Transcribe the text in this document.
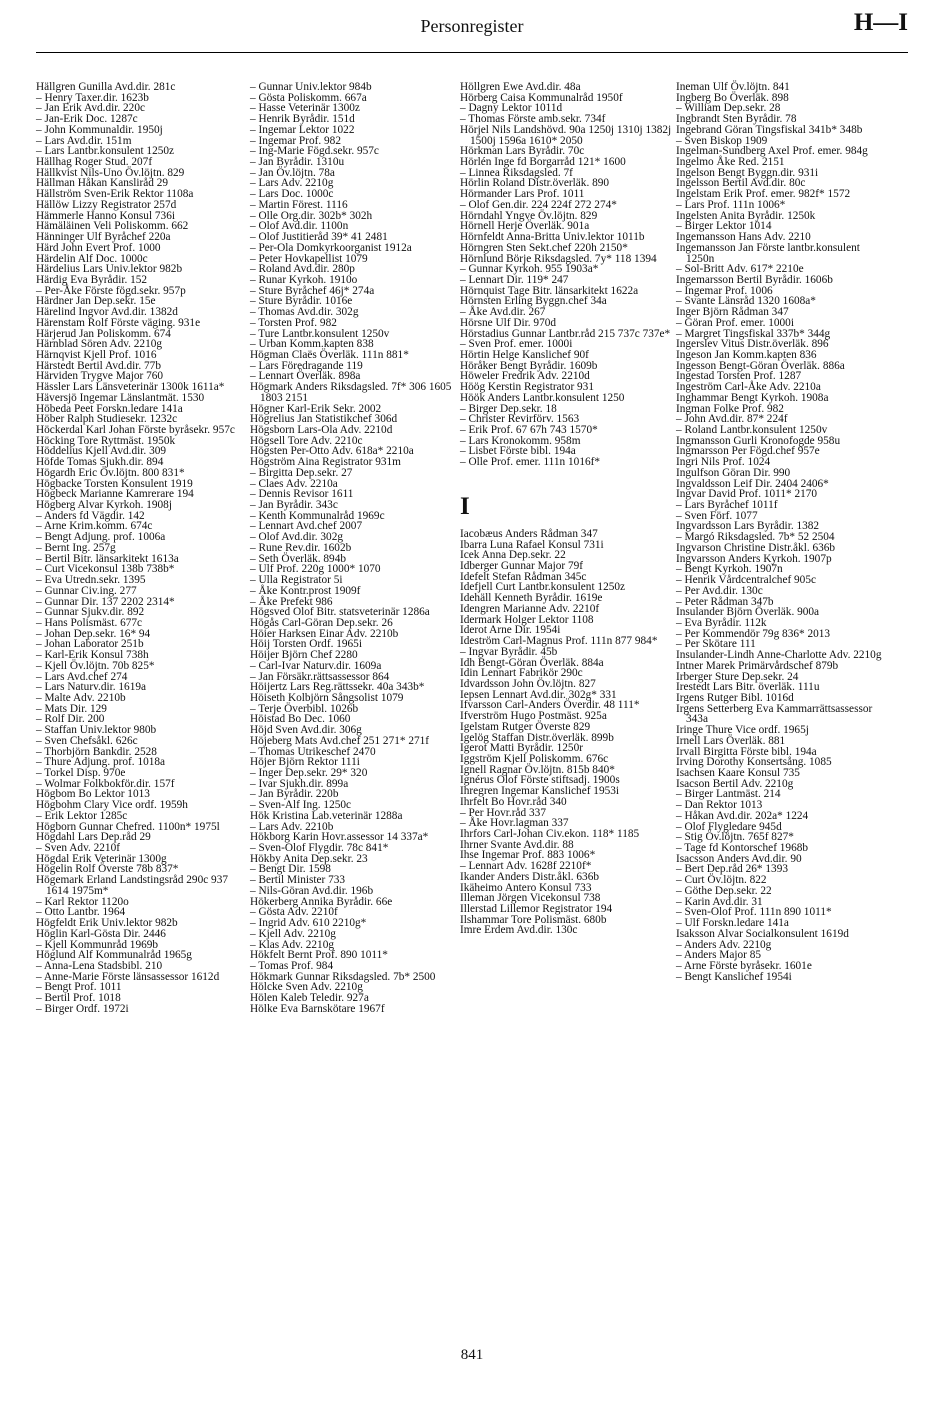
Personregister	H—I
Hällgren Gunilla Avd.dir. 281c
– Henry Taxer.dir. 1623b
– Jan Erik Avd.dir. 220c
– Jan-Erik Doc. 1287c
– John Kommunaldir. 1950j
– Lars Avd.dir. 151m
– Lars Lantbr.konsulent 1250z
Hällhag Roger Stud. 207f
Hällkvist Nils-Uno Öv.löjtn. 829
Hällman Håkan Kansliråd 29
Hällström Sven-Erik Rektor 1108a
Hällöw Lizzy Registrator 257d
Hämmerle Hanno Konsul 736i
Hämäläinen Veli Poliskomm. 662
Hänninger Ulf Byråchef 220a
Härd John Evert Prof. 1000
Härdelin Alf Doc. 1000c
Härdelius Lars Univ.lektor 982b
Härdig Eva Byrådir. 152
– Per-Åke Förste fögd.sekr. 957p
Härdner Jan Dep.sekr. 15e
Härelind Ingvor Avd.dir. 1382d
Härenstam Rolf Förste väging. 931e
Härjerud Jan Poliskomm. 674
Härnblad Sören Adv. 2210g
Härnqvist Kjell Prof. 1016
Härstedt Bertil Avd.dir. 77b
Härviden Trygve Major 760
Hässler Lars Länsveterinär 1300k 1611a*
Häversjö Ingemar Länslantmät. 1530
Höbeda Peet Forskn.ledare 141a
Höber Ralph Studiesekr. 1232c
Höckerdal Karl Johan Förste byråsekr. 957c
Höcking Tore Ryttmäst. 1950k
Höddelius Kjell Avd.dir. 309
Höfde Tomas Sjukh.dir. 894
Högardh Eric Öv.löjtn. 800 831*
Högbacke Torsten Konsulent 1919
Högbeck Marianne Kamrerare 194
Högberg Alvar Kyrkoh. 1908j
– Anders fd Vägdir. 142
– Arne Krim.komm. 674c
– Bengt Adjung. prof. 1006a
– Bernt Ing. 257g
– Bertil Bitr. länsarkitekt 1613a
– Curt Vicekonsul 138b 738b*
– Eva Utredn.sekr. 1395
– Gunnar Civ.ing. 277
– Gunnar Dir. 137 2202 2314*
– Gunnar Sjukv.dir. 892
– Hans Polismäst. 677c
– Johan Dep.sekr. 16* 94
– Johan Laborator 251b
– Karl-Erik Konsul 738h
– Kjell Öv.löjtn. 70b 825*
– Lars Avd.chef 274
– Lars Naturv.dir. 1619a
– Malte Adv. 2210b
– Mats Dir. 129
– Rolf Dir. 200
– Staffan Univ.lektor 980b
– Sven Chefsåkl. 626c
– Thorbjörn Bankdir. 2528
– Thure Adjung. prof. 1018a
– Torkel Disp. 970e
– Wolmar Folkbokför.dir. 157f
Högbom Bo Lektor 1013
Högbohm Clary Vice ordf. 1959h
– Erik Lektor 1285c
Högborn Gunnar Chefred. 1100n* 1975l
Högdahl Lars Dep.råd 29
– Sven Adv. 2210f
Högdal Erik Veterinär 1300g
Högelin Rolf Överste 78b 837*
Högemark Erland Landstingsråd 290c 937 1614 1975m*
– Karl Rektor 1120o
– Otto Lantbr. 1964
Högfeldt Erik Univ.lektor 982b
Höglin Karl-Gösta Dir. 2446
– Kjell Kommunråd 1969b
Höglund Alf Kommunalråd 1965g
– Anna-Lena Stadsbibl. 210
– Anne-Marie Förste länsassessor 1612d
– Bengt Prof. 1011
– Bertil Prof. 1018
– Birger Ordf. 1972i
– Gunnar Univ.lektor 984b
– Gösta Poliskomm. 667a
– Hasse Veterinär 1300z
– Henrik Byrådir. 151d
– Ingemar Lektor 1022
– Ingemar Prof. 982
– Ing-Marie Fögd.sekr. 957c
– Jan Byrådir. 1310u
– Jan Öv.löjtn. 78a
– Lars Adv. 2210g
– Lars Doc. 1000c
– Martin Förest. 1116
– Olle Org.dir. 302b* 302h
– Olof Avd.dir. 1100n
– Olof Justitieråd 39* 41 2481
– Per-Ola Domkyrkoorganist 1912a
– Peter Hovkapellist 1079
– Roland Avd.dir. 280p
– Runar Kyrkoh. 1910o
– Sture Byråchef 46j* 274a
– Sture Byrådir. 1016e
– Thomas Avd.dir. 302g
– Torsten Prof. 982
– Ture Lantbr.konsulent 1250v
– Urban Komm.kapten 838
Högman Claës Överläk. 111n 881*
– Lars Föredragande 119
– Lennart Överläk. 898a
Högmark Anders Riksdagsled. 7f* 306 1605 1803 2151
Högner Karl-Erik Sekr. 2002
Högrelius Jan Statistikchef 306d
Högsborn Lars-Ola Adv. 2210d
Högsell Tore Adv. 2210c
Högsten Per-Otto Adv. 618a* 2210a
Högström Aina Registrator 931m
– Birgitta Dep.sekr. 27
– Claes Adv. 2210a
– Dennis Revisor 1611
– Jan Byrådir. 343c
– Kenth Kommunalråd 1969c
– Lennart Avd.chef 2007
– Olof Avd.dir. 302g
– Rune Rev.dir. 1602b
– Seth Överläk. 894b
– Ulf Prof. 220g 1000* 1070
– Ulla Registrator 5i
– Åke Kontr.prost 1909f
– Åke Prefekt 986
Högsved Olof Bitr. statsveterinär 1286a
Högås Carl-Göran Dep.sekr. 26
Höier Harksen Einar Adv. 2210b
Höij Torsten Ordf. 1965i
Höijer Björn Chef 2280
– Carl-Ivar Naturv.dir. 1609a
– Jan Försäkr.rättsassessor 864
Höijertz Lars Reg.rättssekr. 40a 343b*
Höiseth Kolbjörn Sångsolist 1079
– Terje Överbibl. 1026b
Höistad Bo Dec. 1060
Höjd Sven Avd.dir. 306g
Höjeberg Mats Avd.chef 251 271* 271f
– Thomas Utrikeschef 2470
Höjer Björn Rektor 111i
– Inger Dep.sekr. 29* 320
– Ivar Sjukh.dir. 899a
– Jan Byrådir. 220b
– Sven-Alf Ing. 1250c
Hök Kristina Lab.veterinär 1288a
– Lars Adv. 2210b
Hökborg Karin Hovr.assessor 14 337a*
– Sven-Olof Flygdir. 78c 841*
Hökby Anita Dep.sekr. 23
– Bengt Dir. 1598
– Bertil Minister 733
– Nils-Göran Avd.dir. 196b
Hökerberg Annika Byrådir. 66e
– Gösta Adv. 2210f
– Ingrid Adv. 610 2210g*
– Kjell Adv. 2210g
– Klas Adv. 2210g
Hökfelt Bernt Prof. 890 1011*
– Tomas Prof. 984
Hökmark Gunnar Riksdagsled. 7b* 2500
Hölcke Sven Adv. 2210g
Hölen Kaleb Teledir. 927a
Hölke Eva Barnskötare 1967f
Höllgren Ewe Avd.dir. 48a
Hörberg Caisa Kommunalråd 1950f
– Dagny Lektor 1011d
– Thomas Förste amb.sekr. 734f
Hörjel Nils Landshövd. 90a 1250j 1310j 1382j 1500j 1596a 1610* 2050
Hörkman Lars Byrådir. 70c
Hörlén Inge fd Borgarråd 121* 1600
– Linnea Riksdagsled. 7f
Hörlin Roland Distr.överläk. 890
Hörmander Lars Prof. 1011
– Olof Gen.dir. 224 224f 272 274*
Hörndahl Yngve Öv.löjtn. 829
Hörnell Herje Överläk. 901a
Hörnfeldt Anna-Britta Univ.lektor 1011b
Hörngren Sten Sekt.chef 220h 2150*
Hörnlund Börje Riksdagsled. 7y* 118 1394
– Gunnar Kyrkoh. 955 1903a*
– Lennart Dir. 119* 247
Hörnquist Tage Bitr. länsarkitekt 1622a
Hörnsten Erling Byggn.chef 34a
– Åke Avd.dir. 267
Hörsne Ulf Dir. 970d
Hörstadius Gunnar Lantbr.råd 215 737c 737e*
– Sven Prof. emer. 1000i
Hörtin Helge Kanslichef 90f
Höråker Bengt Byrådir. 1609b
Höweler Fredrik Adv. 2210d
Höög Kerstin Registrator 931
Höök Anders Lantbr.konsulent 1250
– Birger Dep.sekr. 18
– Christer Revirförv. 1563
– Erik Prof. 67 67h 743 1570*
– Lars Kronokomm. 958m
– Lisbet Förste bibl. 194a
– Olle Prof. emer. 111n 1016f*
I
Iacobæus Anders Rådman 347
Ibarra Luna Rafael Konsul 731i
Icek Anna Dep.sekr. 22
Idberger Gunnar Major 79f
Idefelt Stefan Rådman 345c
Idefjell Curt Lantbr.konsulent 1250z
Idehäll Kenneth Byrådir. 1619e
Idengren Marianne Adv. 2210f
Idermark Holger Lektor 1108
Iderot Arne Dir. 1954i
Ideström Carl-Magnus Prof. 111n 877 984*
– Ingvar Byrådir. 45b
Idh Bengt-Göran Överläk. 884a
Idin Lennart Fabrikör 290c
Idvardsson John Öv.löjtn. 827
Iepsen Lennart Avd.dir. 302g* 331
Ifvarsson Carl-Anders Överdir. 48 111*
Ifverström Hugo Postmäst. 925a
Igelstam Rutger Överste 829
Igelög Staffan Distr.överläk. 899b
Igerot Matti Byrådir. 1250r
Iggström Kjell Poliskomm. 676c
Ignell Ragnar Öv.löjtn. 815b 840*
Ignérus Olof Förste stiftsadj. 1900s
Ihregren Ingemar Kanslichef 1953i
Ihrfelt Bo Hovr.råd 340
– Per Hovr.råd 337
– Åke Hovr.lagman 337
Ihrfors Carl-Johan Civ.ekon. 118* 1185
Ihrner Svante Avd.dir. 88
Ihse Ingemar Prof. 883 1006*
– Lennart Adv. 1628f 2210f*
Ikander Anders Distr.åkl. 636b
Ikäheimo Antero Konsul 733
Illeman Jörgen Vicekonsul 738
Illerstad Lillemor Registrator 194
Ilshammar Tore Polismäst. 680b
Imre Erdem Avd.dir. 130c
Ineman Ulf Öv.löjtn. 841
Ingberg Bo Överläk. 898
– William Dep.sekr. 28
Ingbrandt Sten Byrådir. 78
Ingebrand Göran Tingsfiskal 341b* 348b
– Sven Biskop 1909
Ingelman-Sundberg Axel Prof. emer. 984g
Ingelmo Åke Red. 2151
Ingelson Bengt Byggn.dir. 931i
Ingelsson Bertil Avd.dir. 80c
Ingelstam Erik Prof. emer. 982f* 1572
– Lars Prof. 111n 1006*
Ingelsten Anita Byrådir. 1250k
– Birger Lektor 1014
Ingemansson Hans Adv. 2210
Ingemansson Jan Förste lantbr.konsulent 1250n
– Sol-Britt Adv. 617* 2210e
Ingemarsson Bertil Byrådir. 1606b
– Ingemar Prof. 1006
– Svante Länsråd 1320 1608a*
Inger Björn Rådman 347
– Göran Prof. emer. 1000i
– Margret Tingsfiskal 337b* 344g
Ingerslev Vitus Distr.överläk. 896
Ingeson Jan Komm.kapten 836
Ingesson Bengt-Göran Överläk. 886a
Ingestad Torsten Prof. 1287
Ingeström Carl-Åke Adv. 2210a
Inghammar Bengt Kyrkoh. 1908a
Ingman Folke Prof. 982
– John Avd.dir. 87* 224f
– Roland Lantbr.konsulent 1250v
Ingmansson Gurli Kronofogde 958u
Ingmarsson Per Fögd.chef 957e
Ingri Nils Prof. 1024
Ingulfson Göran Dir. 990
Ingvaldsson Leif Dir. 2404 2406*
Ingvar David Prof. 1011* 2170
– Lars Byråchef 1011f
– Sven Förf. 1077
Ingvardsson Lars Byrådir. 1382
– Margó Riksdagsled. 7b* 52 2504
Ingvarson Christine Distr.åkl. 636b
Ingvarsson Anders Kyrkoh. 1907p
– Bengt Kyrkoh. 1907n
– Henrik Vårdcentralchef 905c
– Per Avd.dir. 130c
– Peter Rådman 347b
Insulander Björn Överläk. 900a
– Eva Byrådir. 112k
– Per Kommendör 79g 836* 2013
– Per Skötare 111
Insulander-Lindh Anne-Charlotte Adv. 2210g
Intner Marek Primärvårdschef 879b
Irberger Sture Dep.sekr. 24
Irestedt Lars Bitr. överläk. 111u
Irgens Rutger Bibl. 1016d
Irgens Setterberg Eva Kammarrättsassessor 343a
Iringe Thure Vice ordf. 1965j
Irnell Lars Överläk. 881
Irvall Birgitta Förste bibl. 194a
Irving Dorothy Konsertsång. 1085
Isachsen Kaare Konsul 735
Isacson Bertil Adv. 2210g
– Birger Lantmäst. 214
– Dan Rektor 1013
– Håkan Avd.dir. 202a* 1224
– Olof Flygledare 945d
– Stig Öv.löjtn. 765f 827*
– Tage fd Kontorschef 1968b
Isacsson Anders Avd.dir. 90
– Bert Dep.råd 26* 1393
– Curt Öv.löjtn. 822
– Göthe Dep.sekr. 22
– Karin Avd.dir. 31
– Sven-Olof Prof. 111n 890 1011*
– Ulf Forskn.ledare 141a
Isaksson Alvar Socialkonsulent 1619d
– Anders Adv. 2210g
– Anders Major 85
– Arne Förste byråsekr. 1601e
– Bengt Kanslichef 1954i
841
